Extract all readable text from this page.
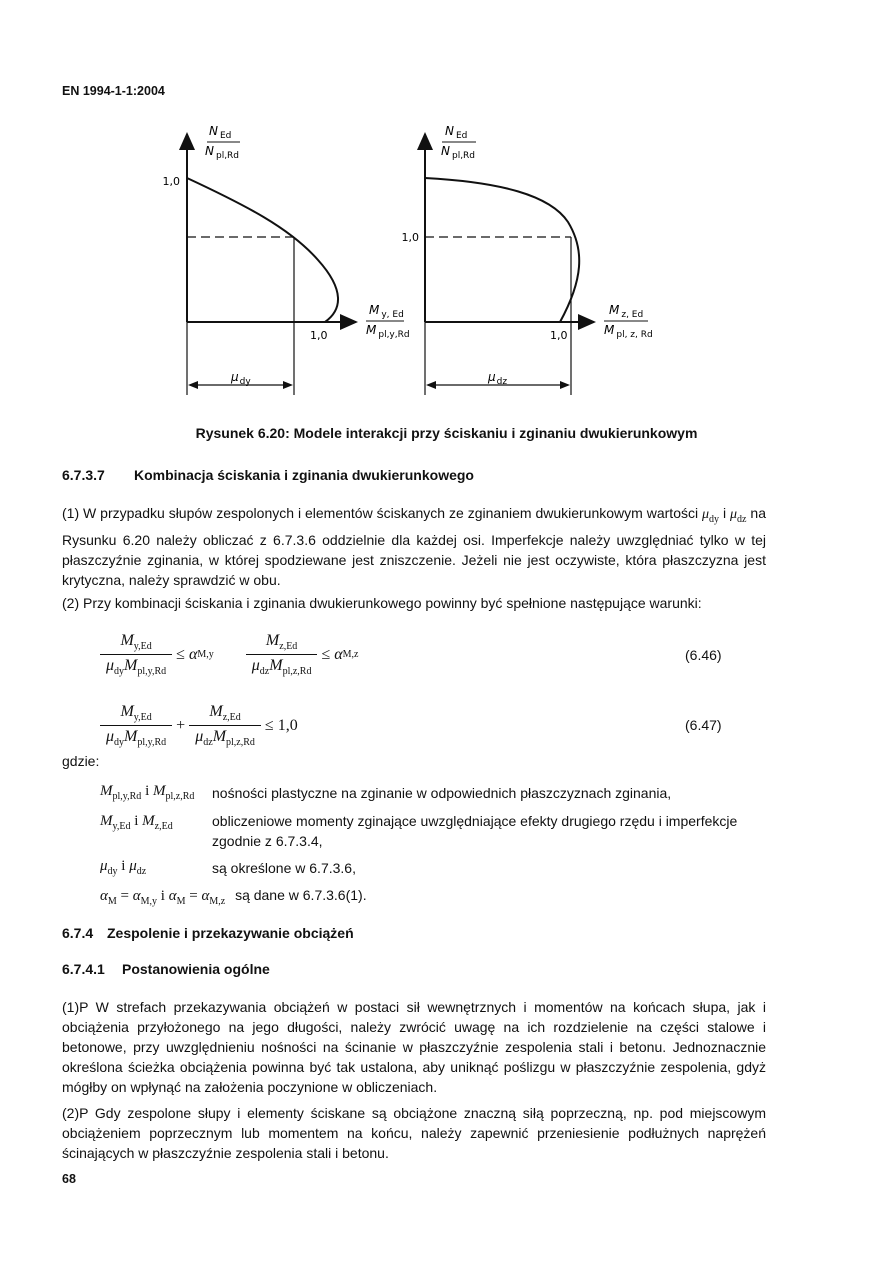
EN 1994-1-1:2004
1,0
1,0
N $_{Ed}$
N $_{pl,Rd}$
M $_{y, Ed}$
M $_{pl,y,Rd}$
$\mu_{dy}$
1,0
1,0
N $_{Ed}$
N $_{pl,Rd}$
M $_{z, Ed}$
M $_{pl, z, Rd}$
$\mu_{dz}$
Rysunek 6.20: Modele interakcji przy ściskaniu i zginaniu dwukierunkowym
6.7.3.7 Kombinacja ściskania i zginania dwukierunkowego
(1) W przypadku słupów zespolonych i elementów ściskanych ze zginaniem dwukierunkowym wartości $\mu_{dy}$ i $\mu_{dz}$ na Rysunku 6.20 należy obliczać z 6.7.3.6 oddzielnie dla każdej osi. Imperfekcje należy uwzględniać tylko w tej płaszczyźnie zginania, w której spodziewane jest zniszczenie. Jeżeli nie jest oczywiste, która płaszczyzna jest krytyczna, należy sprawdzić w obu.
(2) Przy kombinacji ściskania i zginania dwukierunkowego powinny być spełnione następujące warunki:
$\frac{M_{y,Ed}}{\mu_{dy}M_{pl,y,Rd}} \le \alpha$ $M,y \frac{M_{z,Ed}}{\mu_{dz}M_{pl,z,Rd}} \le \alpha$ M,z	(6.46)
$\frac{M_{y,Ed}}{\mu_{dy}M_{pl,y,Rd}} + \frac{M_{z,Ed}}{\mu_{dz}M_{pl,z,Rd}} \le 1,0$	(6.47)
gdzie:
$M_{pl,y,Rd}$ i $M_{pl,z,Rd}$ nośności plastyczne na zginanie w odpowiednich płaszczyznach zginania,
$M_{y,Ed}$ i $M_{z,Ed}$	obliczeniowe momenty zginające uwzględniające efekty drugiego rzędu i imperfekcje zgodnie z 6.7.3.4,
$\mu_{dy}$ i $\mu_{dz}$	są określone w 6.7.3.6,
$\alpha_M = \alpha_{M,y}$ i $\alpha_M = \alpha_{M,z}$ są dane w 6.7.3.6(1).
6.7.4 Zespolenie i przekazywanie obciążeń
6.7.4.1 Postanowienia ogólne
(1)P W strefach przekazywania obciążeń w postaci sił wewnętrznych i momentów na końcach słupa, jak i obciążenia przyłożonego na jego długości, należy zwrócić uwagę na ich rozdzielenie na części stalowe i betonowe, przy uwzględnieniu nośności na ścinanie w płaszczyźnie zespolenia stali i betonu. Jednoznacznie określona ścieżka obciążenia powinna być tak ustalona, aby uniknąć poślizgu w płaszczyźnie zespolenia, gdyż mógłby on wpłynąć na założenia poczynione w obliczeniach.
(2)P Gdy zespolone słupy i elementy ściskane są obciążone znaczną siłą poprzeczną, np. pod miejscowym obciążeniem poprzecznym lub momentem na końcu, należy zapewnić przeniesienie podłużnych naprężeń ścinających w płaszczyźnie zespolenia stali i betonu.
68
